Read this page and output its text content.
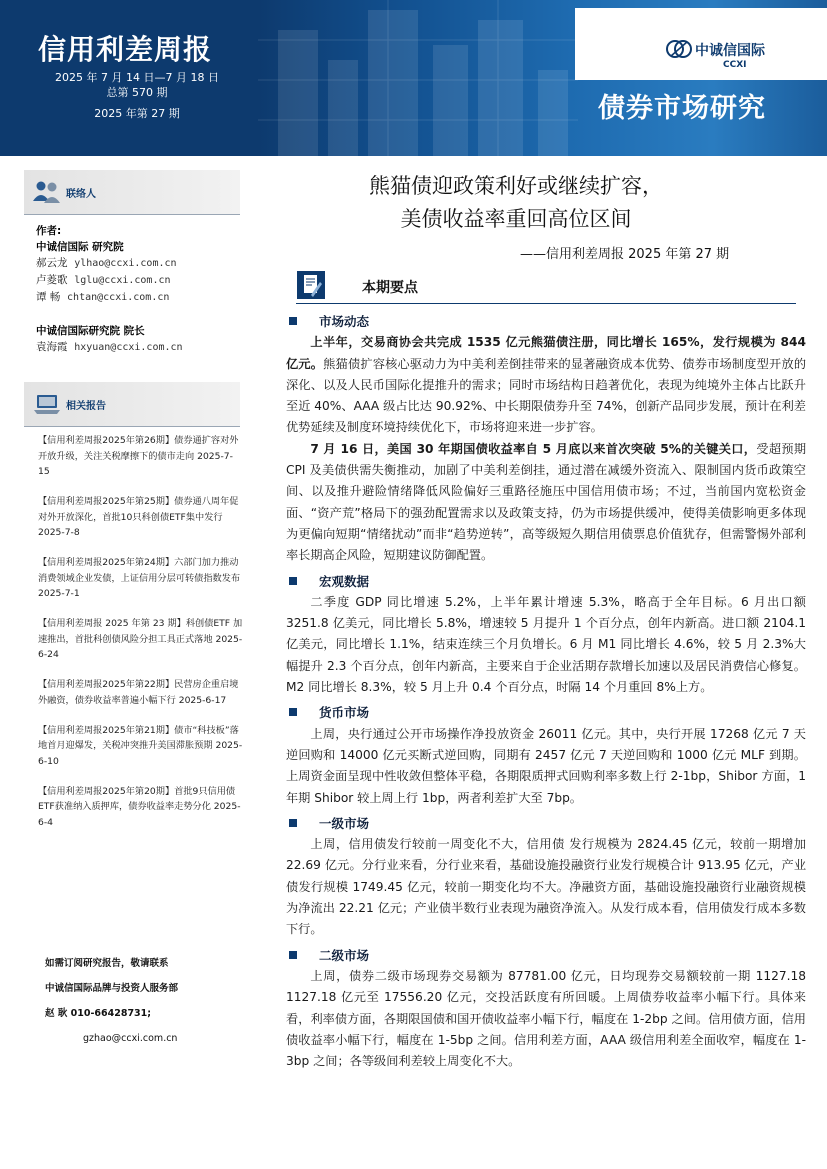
中诚信国际
CCXI
信用利差周报
2025 年 7 月 14 日—7 月 18 日
总第 570 期
2025 年第 27 期	债券市场研究
联络人
作者:
中诚信国际 研究院
郝云龙 ylhao@ccxi.com.cn
卢菱歌 lglu@ccxi.com.cn
谭 畅 chtan@ccxi.com.cn
中诚信国际研究院 院长
袁海霞 hxyuan@ccxi.com.cn
相关报告
【信用利差周报2025年第26期】债券通扩容对外开放升级，关注关税摩擦下的债市走向 2025-7-15
【信用利差周报2025年第25期】债券通八周年促对外开放深化，首批10只科创债ETF集中发行 2025-7-8
【信用利差周报2025年第24期】六部门加力推动消费领域企业发债，上证信用分层可转债指数发布 2025-7-1
【信用利差周报 2025 年第 23 期】科创债ETF 加速推出，首批科创债风险分担工具正式落地 2025-6-24
【信用利差周报2025年第22期】民营房企重启境外融资，债券收益率普遍小幅下行 2025-6-17
【信用利差周报2025年第21期】债市“科技板”落地首月迎爆发，关税冲突推升美国滞胀预期 2025-6-10
【信用利差周报2025年第20期】首批9只信用债ETF获准纳入质押库，债券收益率走势分化 2025-6-4
如需订阅研究报告，敬请联系
中诚信国际品牌与投资人服务部
赵 耿 010-66428731;
gzhao@ccxi.com.cn
熊猫债迎政策利好或继续扩容，
美债收益率重回高位区间
——信用利差周报 2025 年第 27 期
本期要点
市场动态
上半年，交易商协会共完成 1535 亿元熊猫债注册，同比增长 165%，发行规模为 844 亿元。熊猫债扩容核心驱动力为中美利差倒挂带来的显著融资成本优势、债券市场制度型开放的深化、以及人民币国际化提推升的需求；同时市场结构日趋著优化，表现为纯境外主体占比跃升至近 40%、AAA 级占比达 90.92%、中长期限债券升至 74%，创新产品同步发展，预计在利差优势延续及制度环境持续优化下，市场将迎来进一步扩容。
7 月 16 日，美国 30 年期国债收益率自 5 月底以来首次突破 5%的关键关口，受超预期 CPI 及美债供需失衡推动，加剧了中美利差倒挂，通过潜在减缓外资流入、限制国内货币政策空间、以及推升避险情绪降低风险偏好三重路径施压中国信用债市场；不过，当前国内宽松资金面、“资产荒”格局下的强劲配置需求以及政策支持，仍为市场提供缓冲，使得美债影响更多体现为更偏向短期“情绪扰动”而非“趋势逆转”，高等级短久期信用债票息价值犹存，但需警惕外部利率长期高企风险，短期建议防御配置。
宏观数据
二季度 GDP 同比增速 5.2%，上半年累计增速 5.3%，略高于全年目标。6 月出口额 3251.8 亿美元，同比增长 5.8%，增速较 5 月提升 1 个百分点，创年内新高。进口额 2104.1 亿美元，同比增长 1.1%，结束连续三个月负增长。6 月 M1 同比增长 4.6%，较 5 月 2.3%大幅提升 2.3 个百分点，创年内新高，主要来自于企业活期存款增长加速以及居民消费信心修复。M2 同比增长 8.3%，较 5 月上升 0.4 个百分点，时隔 14 个月重回 8%上方。
货币市场
上周，央行通过公开市场操作净投放资金 26011 亿元。其中，央行开展 17268 亿元 7 天逆回购和 14000 亿元买断式逆回购，同期有 2457 亿元 7 天逆回购和 1000 亿元 MLF 到期。上周资金面呈现中性收敛但整体平稳，各期限质押式回购利率多数上行 2-1bp，Shibor 方面，1 年期 Shibor 较上周上行 1bp，两者利差扩大至 7bp。
一级市场
上周，信用债发行较前一周变化不大，信用债 发行规模为 2824.45 亿元，较前一期增加 22.69 亿元。分行业来看，分行业来看，基础设施投融资行业发行规模合计 913.95 亿元，产业债发行规模 1749.45 亿元，较前一期变化均不大。净融资方面，基础设施投融资行业融资规模为净流出 22.21 亿元；产业债半数行业表现为融资净流入。从发行成本看，信用债发行成本多数下行。
二级市场
上周，债券二级市场现券交易额为 87781.00 亿元，日均现券交易额较前一期 1127.18 1127.18 亿元至 17556.20 亿元，交投活跃度有所回暖。上周债券收益率小幅下行。具体来看，利率债方面，各期限国债和国开债收益率小幅下行，幅度在 1-2bp 之间。信用债方面，信用债收益率小幅下行，幅度在 1-5bp 之间。信用利差方面，AAA 级信用利差全面收窄，幅度在 1-3bp 之间；各等级间利差较上周变化不大。
